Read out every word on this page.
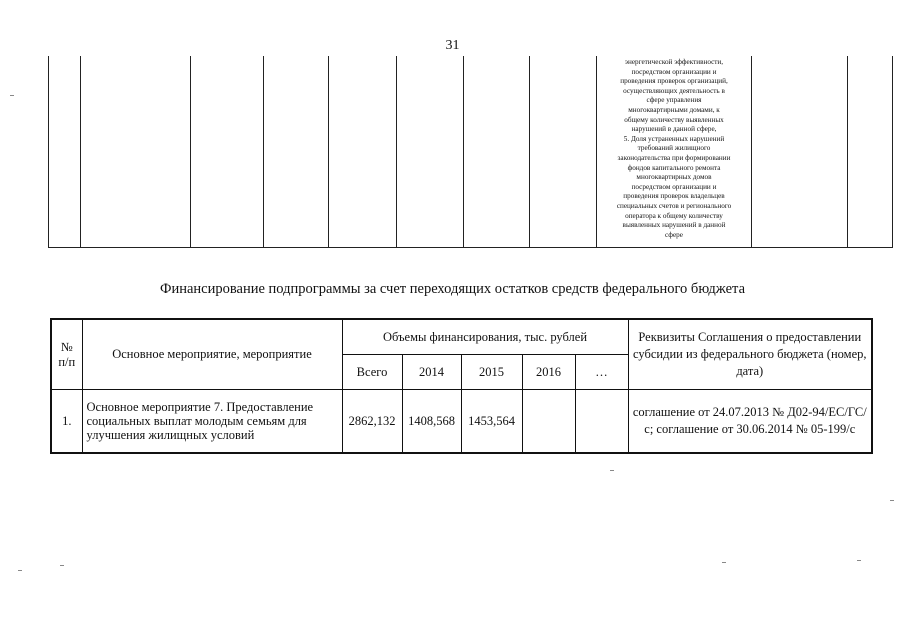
31

энергетической эффективности,
посредством организации и
проведения проверок организаций,
осуществляющих деятельность в
сфере управления
многоквартирными домами, к
общему количеству выявленных
нарушений в данной сфере,
5. Доля устраненных нарушений
требований жилищного
законодательства при формировании
фондов капитального ремонта
многоквартирных домов
посредством организации и
проведения проверок владельцев
специальных счетов и регионального
оператора к общему количеству
выявленных нарушений в данной
сфере

Финансирование подпрограммы за счет переходящих остатков средств федерального бюджета
№ п/п	Основное мероприятие, мероприятие	Объемы финансирования, тыс. рублей					Реквизиты Соглашения о предоставлении субсидии из федерального бюджета (номер, дата)
		Всего	2014	2015	2016	…	
1.	Основное мероприятие 7. Предоставление социальных выплат молодым семьям для улучшения жилищных условий	2862,132	1408,568	1453,564			соглашение от 24.07.2013 № Д02-94/ЕС/ГС/с; соглашение от 30.06.2014 № 05-199/с
